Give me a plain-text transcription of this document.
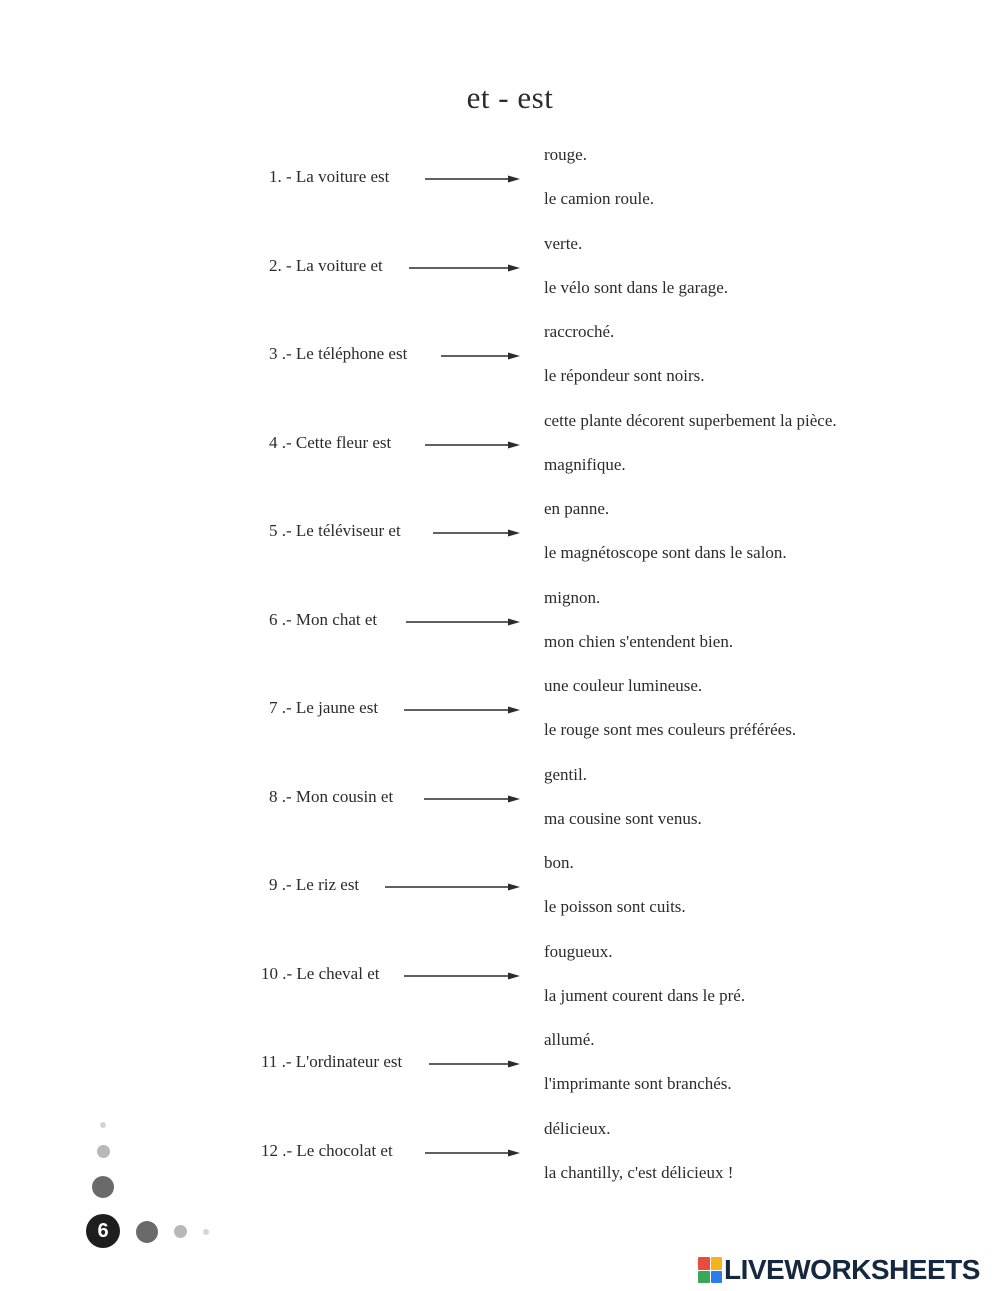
et - est
1. - La voiture est
rouge.
le camion roule.
2. - La voiture et
verte.
le vélo sont dans le garage.
3 .- Le téléphone est
raccroché.
le répondeur sont noirs.
4 .- Cette fleur est
cette plante décorent superbement la pièce.
magnifique.
5 .- Le téléviseur et
en panne.
le magnétoscope sont dans le salon.
6 .- Mon chat et
mignon.
mon chien s'entendent bien.
7 .- Le jaune est
une couleur lumineuse.
le rouge sont mes couleurs préférées.
8 .- Mon cousin et
gentil.
ma cousine sont venus.
9 .- Le riz est
bon.
le poisson sont cuits.
10 .- Le cheval et
fougueux.
la jument courent dans le pré.
11 .- L'ordinateur est
allumé.
l'imprimante sont branchés.
12 .- Le chocolat et
délicieux.
la chantilly, c'est délicieux !
6
LIVEWORKSHEETS
